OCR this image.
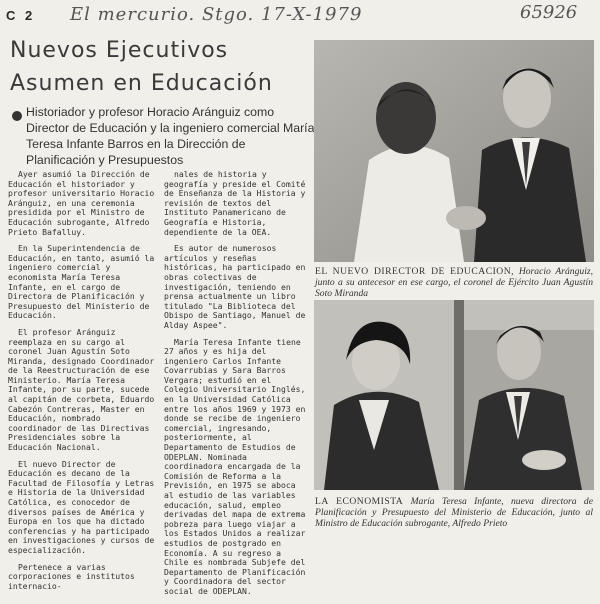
C 2 El mercurio. Stgo. 17-X-1979	65926
Nuevos Ejecutivos
Asumen en Educación

Historiador y profesor Horacio Aránguiz como Director de Educación y la ingeniero comercial María Teresa Infante Barros en la Dirección de Planificación y Presupuestos

Ayer asumió la Dirección de Educación el historiador y profesor universitario Horacio Aránguiz, en una ceremonia presidida por el Ministro de Educación subrogante, Alfredo Prieto Bafalluy.

En la Superintendencia de Educación, en tanto, asumió la ingeniero comercial y economista María Teresa Infante, en el cargo de Directora de Planificación y Presupuesto del Ministerio de Educación.

El profesor Aránguiz reemplaza en su cargo al coronel Juan Agustín Soto Miranda, designado Coordinador de la Reestructuración de ese Ministerio. María Teresa Infante, por su parte, sucede al capitán de corbeta, Eduardo Cabezón Contreras, Master en Educación, nombrado coordinador de las Directivas Presidenciales sobre la Educación Nacional.

El nuevo Director de Educación es decano de la Facultad de Filosofía y Letras e Historia de la Universidad Católica, es conocedor de diversos países de América y Europa en los que ha dictado conferencias y ha participado en investigaciones y cursos de especialización.

Pertenece a varias corporaciones e institutos internacio-

nales de historia y geografía y preside el Comité de Enseñanza de la Historia y revisión de textos del Instituto Panamericano de Geografía e Historia, dependiente de la OEA.

Es autor de numerosos artículos y reseñas históricas, ha participado en obras colectivas de investigación, teniendo en prensa actualmente un libro titulado "La Biblioteca del Obispo de Santiago, Manuel de Alday Aspee".

María Teresa Infante tiene 27 años y es hija del ingeniero Carlos Infante Covarrubias y Sara Barros Vergara; estudió en el Colegio Universitario Inglés, en la Universidad Católica entre los años 1969 y 1973 en donde se recibe de ingeniero comercial, ingresando, posteriormente, al Departamento de Estudios de ODEPLAN. Nominada coordinadora encargada de la Comisión de Reforma a la Previsión, en 1975 se aboca al estudio de las variables educación, salud, empleo derivadas del mapa de extrema pobreza para luego viajar a los Estados Unidos a realizar estudios de postgrado en Economía. A su regreso a Chile es nombrada Subjefe del Departamento de Planificación y Coordinadora del sector social de ODEPLAN.

EL NUEVO DIRECTOR DE EDUCACION, Horacio Aránguiz, junto a su antecesor en ese cargo, el coronel de Ejército Juan Agustín Soto Miranda

LA ECONOMISTA María Teresa Infante, nueva directora de Planificación y Presupuesto del Ministerio de Educación, junto al Ministro de Educación subrogante, Alfredo Prieto
